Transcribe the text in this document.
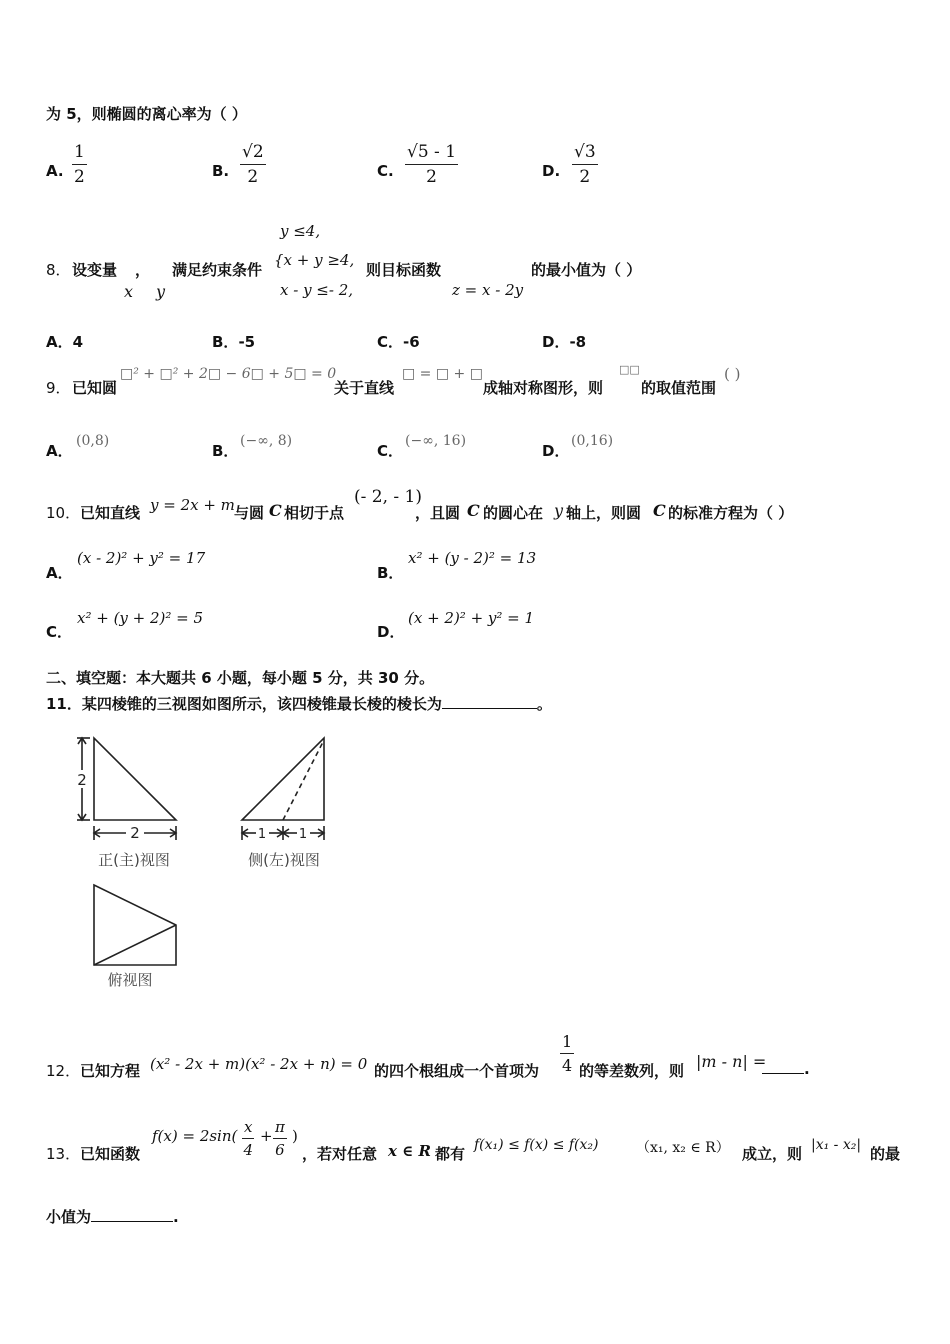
为 5，则椭圆的离心率为（ ）
A.
1
2	B.
√2
2	C.
√5 - 1
2	D.
√3
2
y ≤4,
8． 设变量 ， 满足约束条件
{x + y ≥4,
则目标函数	的最小值为（ ）
x y	x - y ≤- 2,	z = x - 2y
A．4	B．-5	C．-6	D．-8
9． 已知圆
□² + □² + 2□ − 6□ + 5□ = 0
关于直线
□ = □ + □
成轴对称图形，则
□□
的取值范围
( )
A．
(0,8)
B．
(−∞, 8)
C．
(−∞, 16)
D．
(0,16)
10． 已知直线 y = 2x + m 与圆 C 相切于点
(- 2, - 1)
，且圆 C 的圆心在 y 轴上，则圆 C 的标准方程为（ ）
A．
(x - 2)² + y² = 17
B．
x² + (y - 2)² = 13
C．
x² + (y + 2)² = 5
D．
(x + 2)² + y² = 1
二、填空题：本大题共 6 小题，每小题 5 分，共 30 分。
11．某四棱锥的三视图如图所示，该四棱锥最长棱的棱长为	。
2
2
正(主)视图
1	1
侧(左)视图
俯视图
12． 已知方程 (x² - 2x + m)(x² - 2x + n) = 0 的四个根组成一个首项为
1
4 的等差数列，则 |m - n| =	.
13． 已知函数
f(x) = 2sin( x
4
+ π
6
)
，若对任意 x ∈ R 都有 f(x₁) ≤ f(x) ≤ f(x₂)	（x₁, x₂ ∈ R） 成立，则 |x₁ - x₂| 的最
小值为	.
